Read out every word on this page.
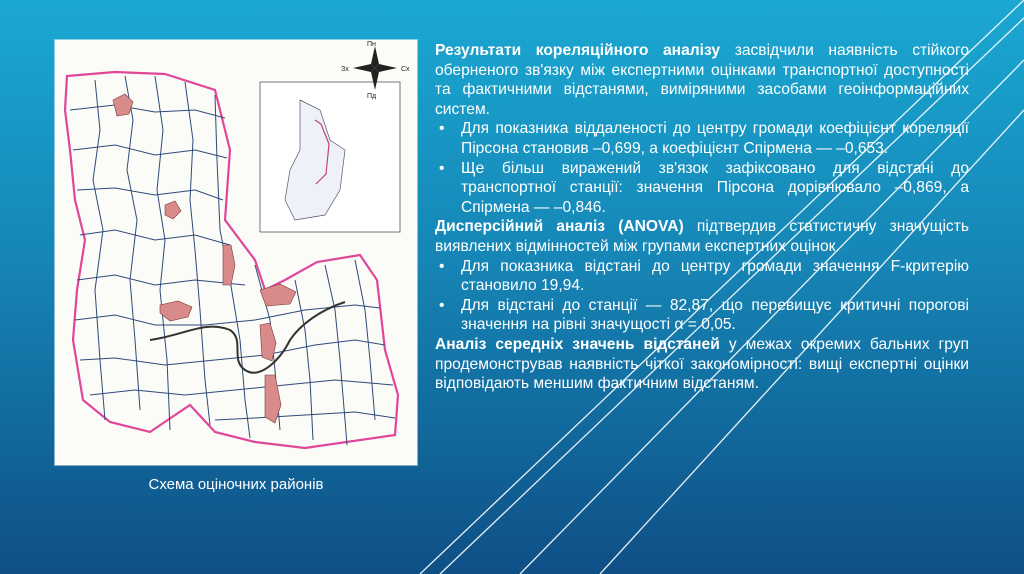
Пн
Пд
Зх	Сх
Схема оціночних районів

Результати кореляційного аналізу засвідчили наявність стійкого оберненого зв'язку між експертними оцінками транспортної доступності та фактичними відстанями, виміряними засобами геоінформаційних систем.

• Для показника віддаленості до центру громади коефіцієнт кореляції Пірсона становив –0,699, а коефіцієнт Спірмена — –0,653.
• Ще більш виражений зв'язок зафіксовано для відстані до транспортної станції: значення Пірсона дорівнювало –0,869, а Спірмена — –0,846.

Дисперсійний аналіз (ANOVA) підтвердив статистичну значущість виявлених відмінностей між групами експертних оцінок.

• Для показника відстані до центру громади значення F-критерію становило 19,94.
• Для відстані до станції — 82,87, що перевищує критичні порогові значення на рівні значущості α = 0,05.

Аналіз середніх значень відстаней у межах окремих бальних груп продемонстрував наявність чіткої закономірності: вищі експертні оцінки відповідають меншим фактичним відстаням.
